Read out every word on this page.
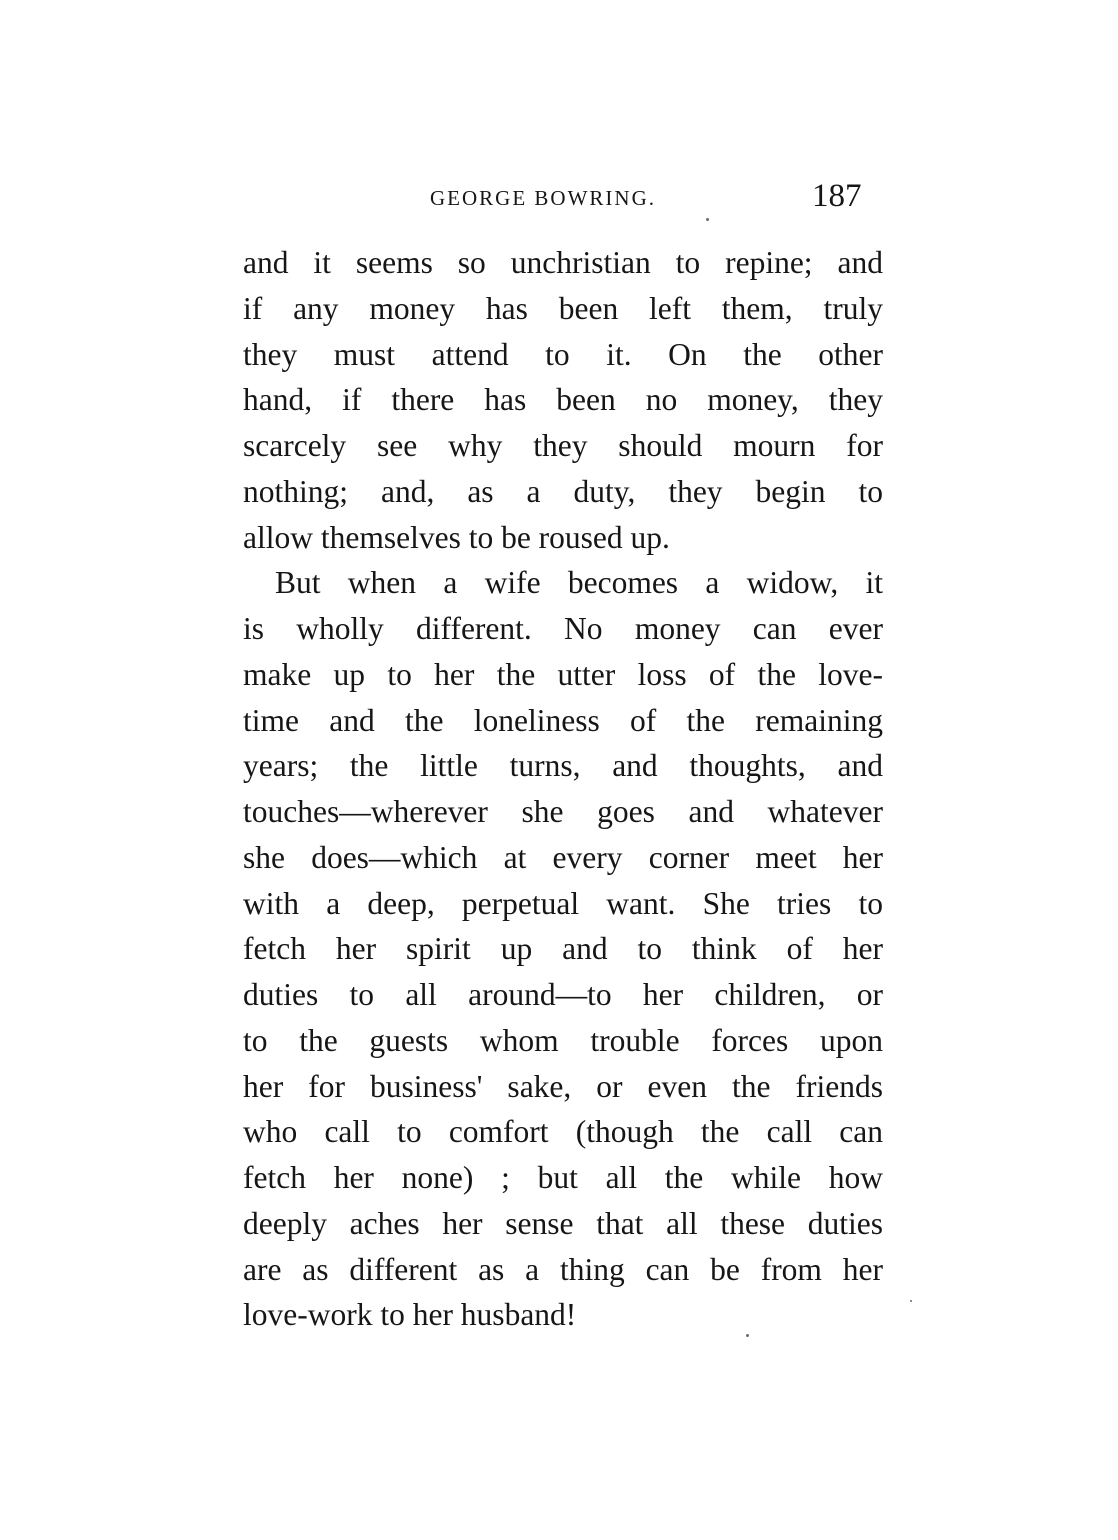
GEORGE BOWRING.	187
and it seems so unchristian to repine; and
if any money has been left them, truly
they must attend to it. On the other
hand, if there has been no money, they
scarcely see why they should mourn for
nothing; and, as a duty, they begin to
allow themselves to be roused up.
But when a wife becomes a widow, it
is wholly different. No money can ever
make up to her the utter loss of the love-
time and the loneliness of the remaining
years; the little turns, and thoughts, and
touches—wherever she goes and whatever
she does—which at every corner meet her
with a deep, perpetual want. She tries to
fetch her spirit up and to think of her
duties to all around—to her children, or
to the guests whom trouble forces upon
her for business' sake, or even the friends
who call to comfort (though the call can
fetch her none) ; but all the while how
deeply aches her sense that all these duties
are as different as a thing can be from her
love-work to her husband!
